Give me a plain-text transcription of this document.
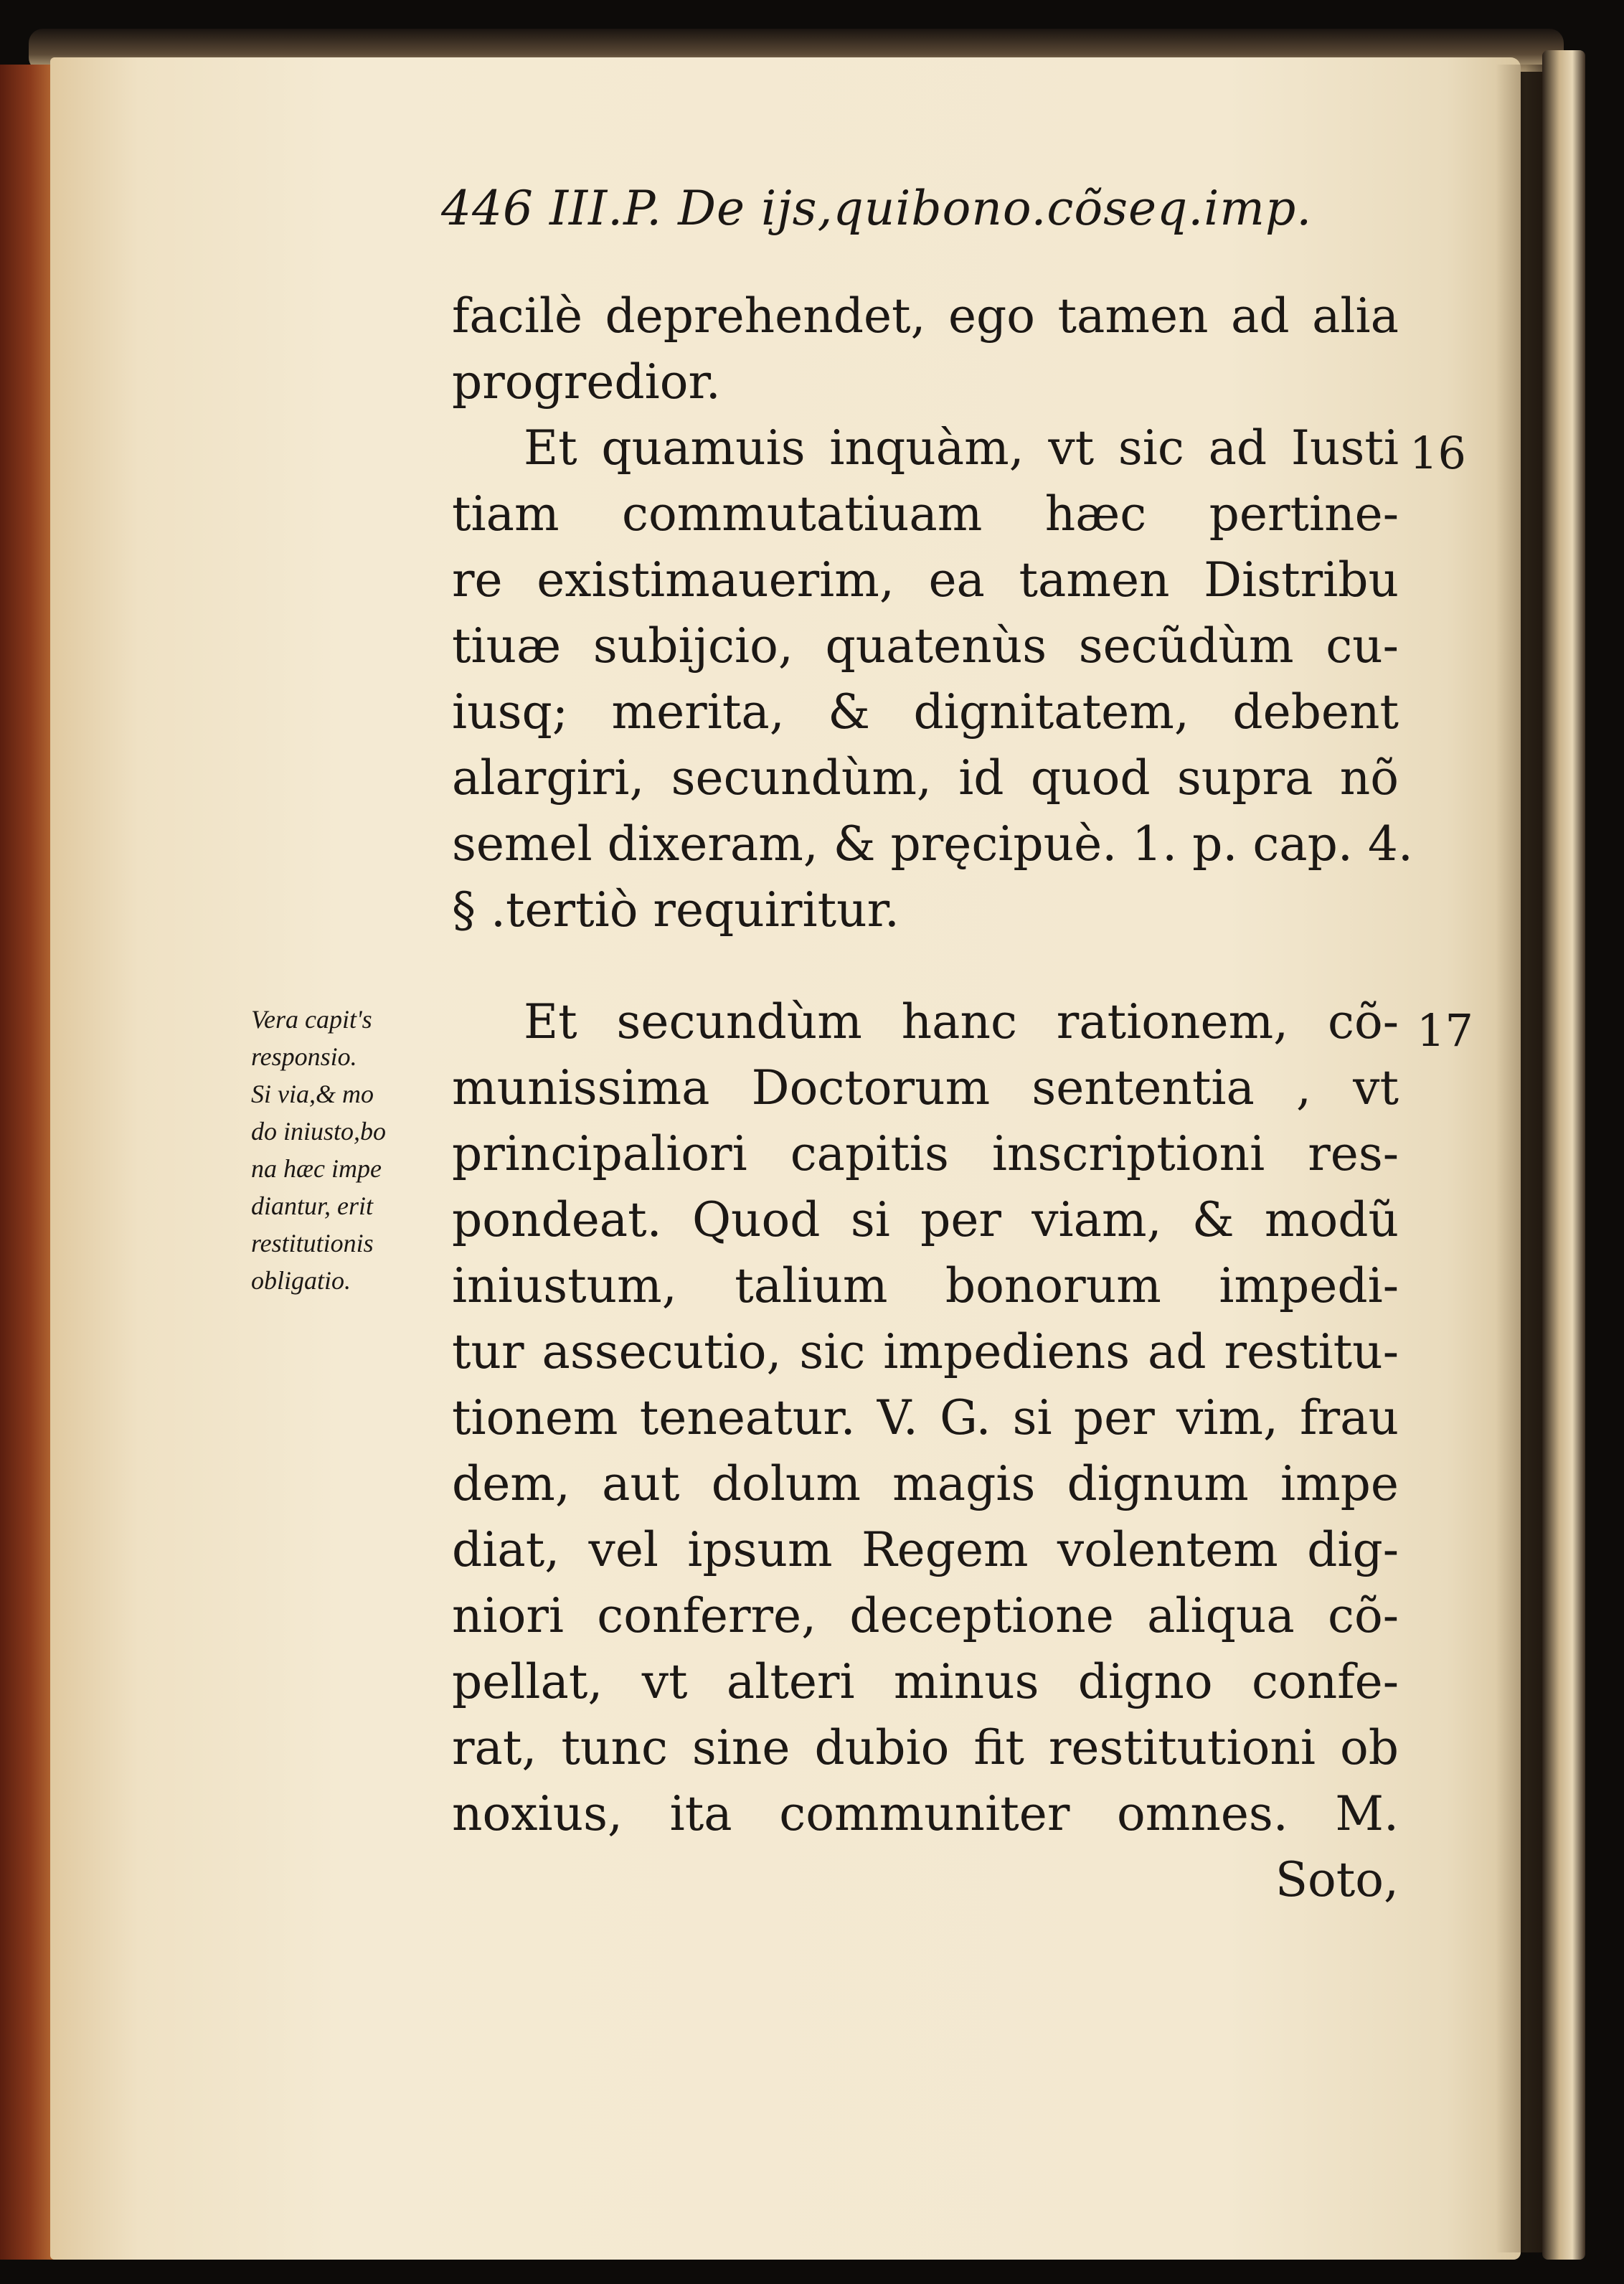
446 III.P. De ijs,quibono.cõseq.imp.
16
17
Vera capit's
responsio.
Si via,& mo
do iniusto,bo
na hæc impe
diantur, erit
restitutionis
obligatio.
facilè deprehendet, ego tamen ad alia
progredior.
Et quamuis inquàm, vt sic ad Iusti
tiam commutatiuam hæc pertine-
re existimauerim, ea tamen Distribu
tiuæ subijcio, quatenùs secũdùm cu-
iusq; merita, & dignitatem, debent
alargiri, secundùm, id quod supra nõ
semel dixeram, & pręcipuè. 1. p. cap. 4.
§ .tertiò requiritur.
Et secundùm hanc rationem, cõ-
munissima Doctorum sententia , vt
principaliori capitis inscriptioni res-
pondeat. Quod si per viam, & modũ
iniustum, talium bonorum impedi-
tur assecutio, sic impediens ad restitu-
tionem teneatur. V. G. si per vim, frau
dem, aut dolum magis dignum impe
diat, vel ipsum Regem volentem dig-
niori conferre, deceptione aliqua cõ-
pellat, vt alteri minus digno confe-
rat, tunc sine dubio fit restitutioni ob
noxius, ita communiter omnes. M.
Soto,
